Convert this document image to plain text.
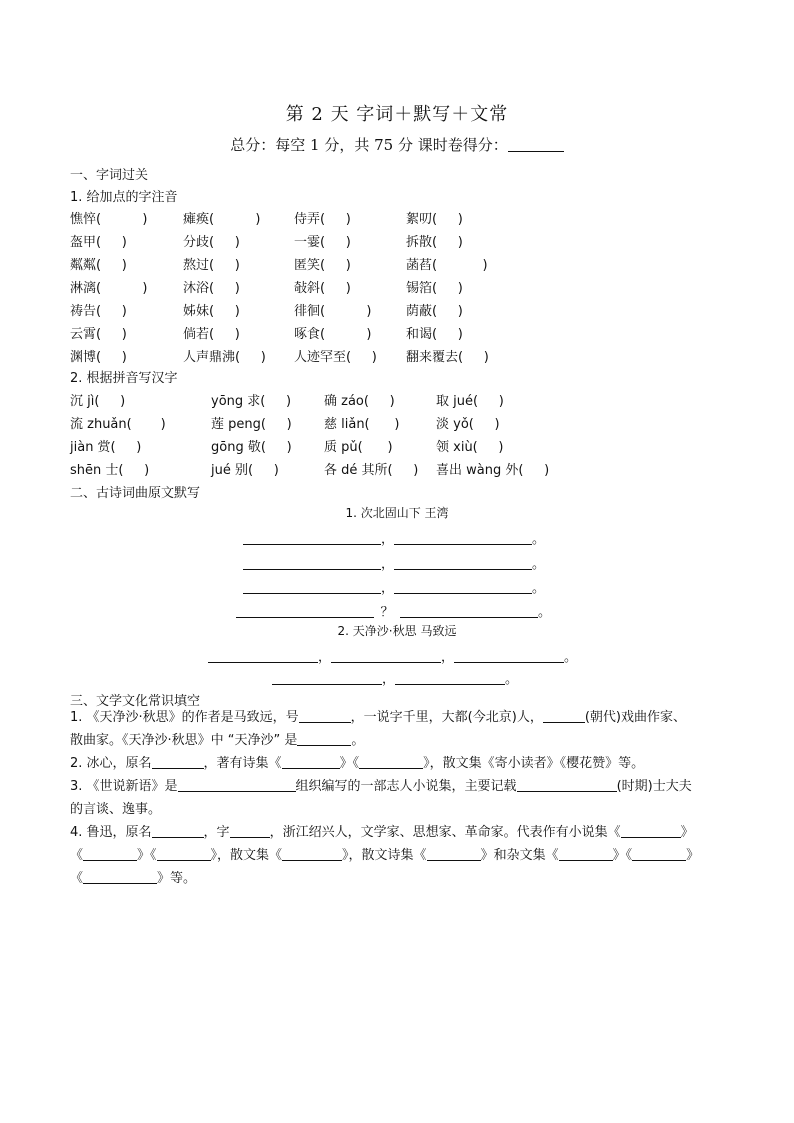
第 2 天 字词＋默写＋文常
总分：每空 1 分，共 75 分 课时卷得分：
一、字词过关
1. 给加点的字注音
憔悴(          )	瘫痪(          )	侍弄(     )	絮叨(     )
盔甲(     )	分歧(     )	一霎(     )	拆散(     )
粼粼(     )	熬过(     )	匿笑(     )	菡萏(           )
淋漓(          )	沐浴(     )	敧斜(     )	锡箔(     )
祷告(     )	姊妹(     )	徘徊(          )	荫蔽(     )
云霄(     )	倘若(     )	啄食(          )	和谒(     )
渊博(     )	人声鼎沸(     ) 人迹罕至(     ) 翻来覆去(     )
2. 根据拼音写汉字
沉 jì(     )	yōng 求(     )	确 záo(     )	取 jué(     )
流 zhuǎn(       )	莲 peng(     ) 慈 liǎn(      )	淡 yǒ(     )
jiàn 赏(     )	gōng 敬(     ) 质 pǔ(      )	领 xiù(     )
shēn 士(     )	jué 别(     )	各 dé 其所(     ) 喜出 wàng 外(     )
二、古诗词曲原文默写
1. 次北固山下 王湾
，	。
，	。
，	。
？	。
2. 天净沙·秋思 马致远
，	，	。
，	。
三、文学文化常识填空
1. 《天净沙·秋思》的作者是马致远，号	，一说字千里，大都(今北京)人，	(朝代)戏曲作家、
散曲家。《天净沙·秋思》中 “天净沙” 是	。
2. 冰心，原名	，著有诗集《	》《	》，散文集《寄小读者》《樱花赞》等。
3. 《世说新语》是	组织编写的一部志人小说集，主要记载	(时期)士大夫
的言谈、逸事。
4. 鲁迅，原名	，字	，浙江绍兴人，文学家、思想家、革命家。代表作有小说集《	》
《	》《	》，散文集《	》，散文诗集《	》和杂文集《	》《	》
《	》等。
